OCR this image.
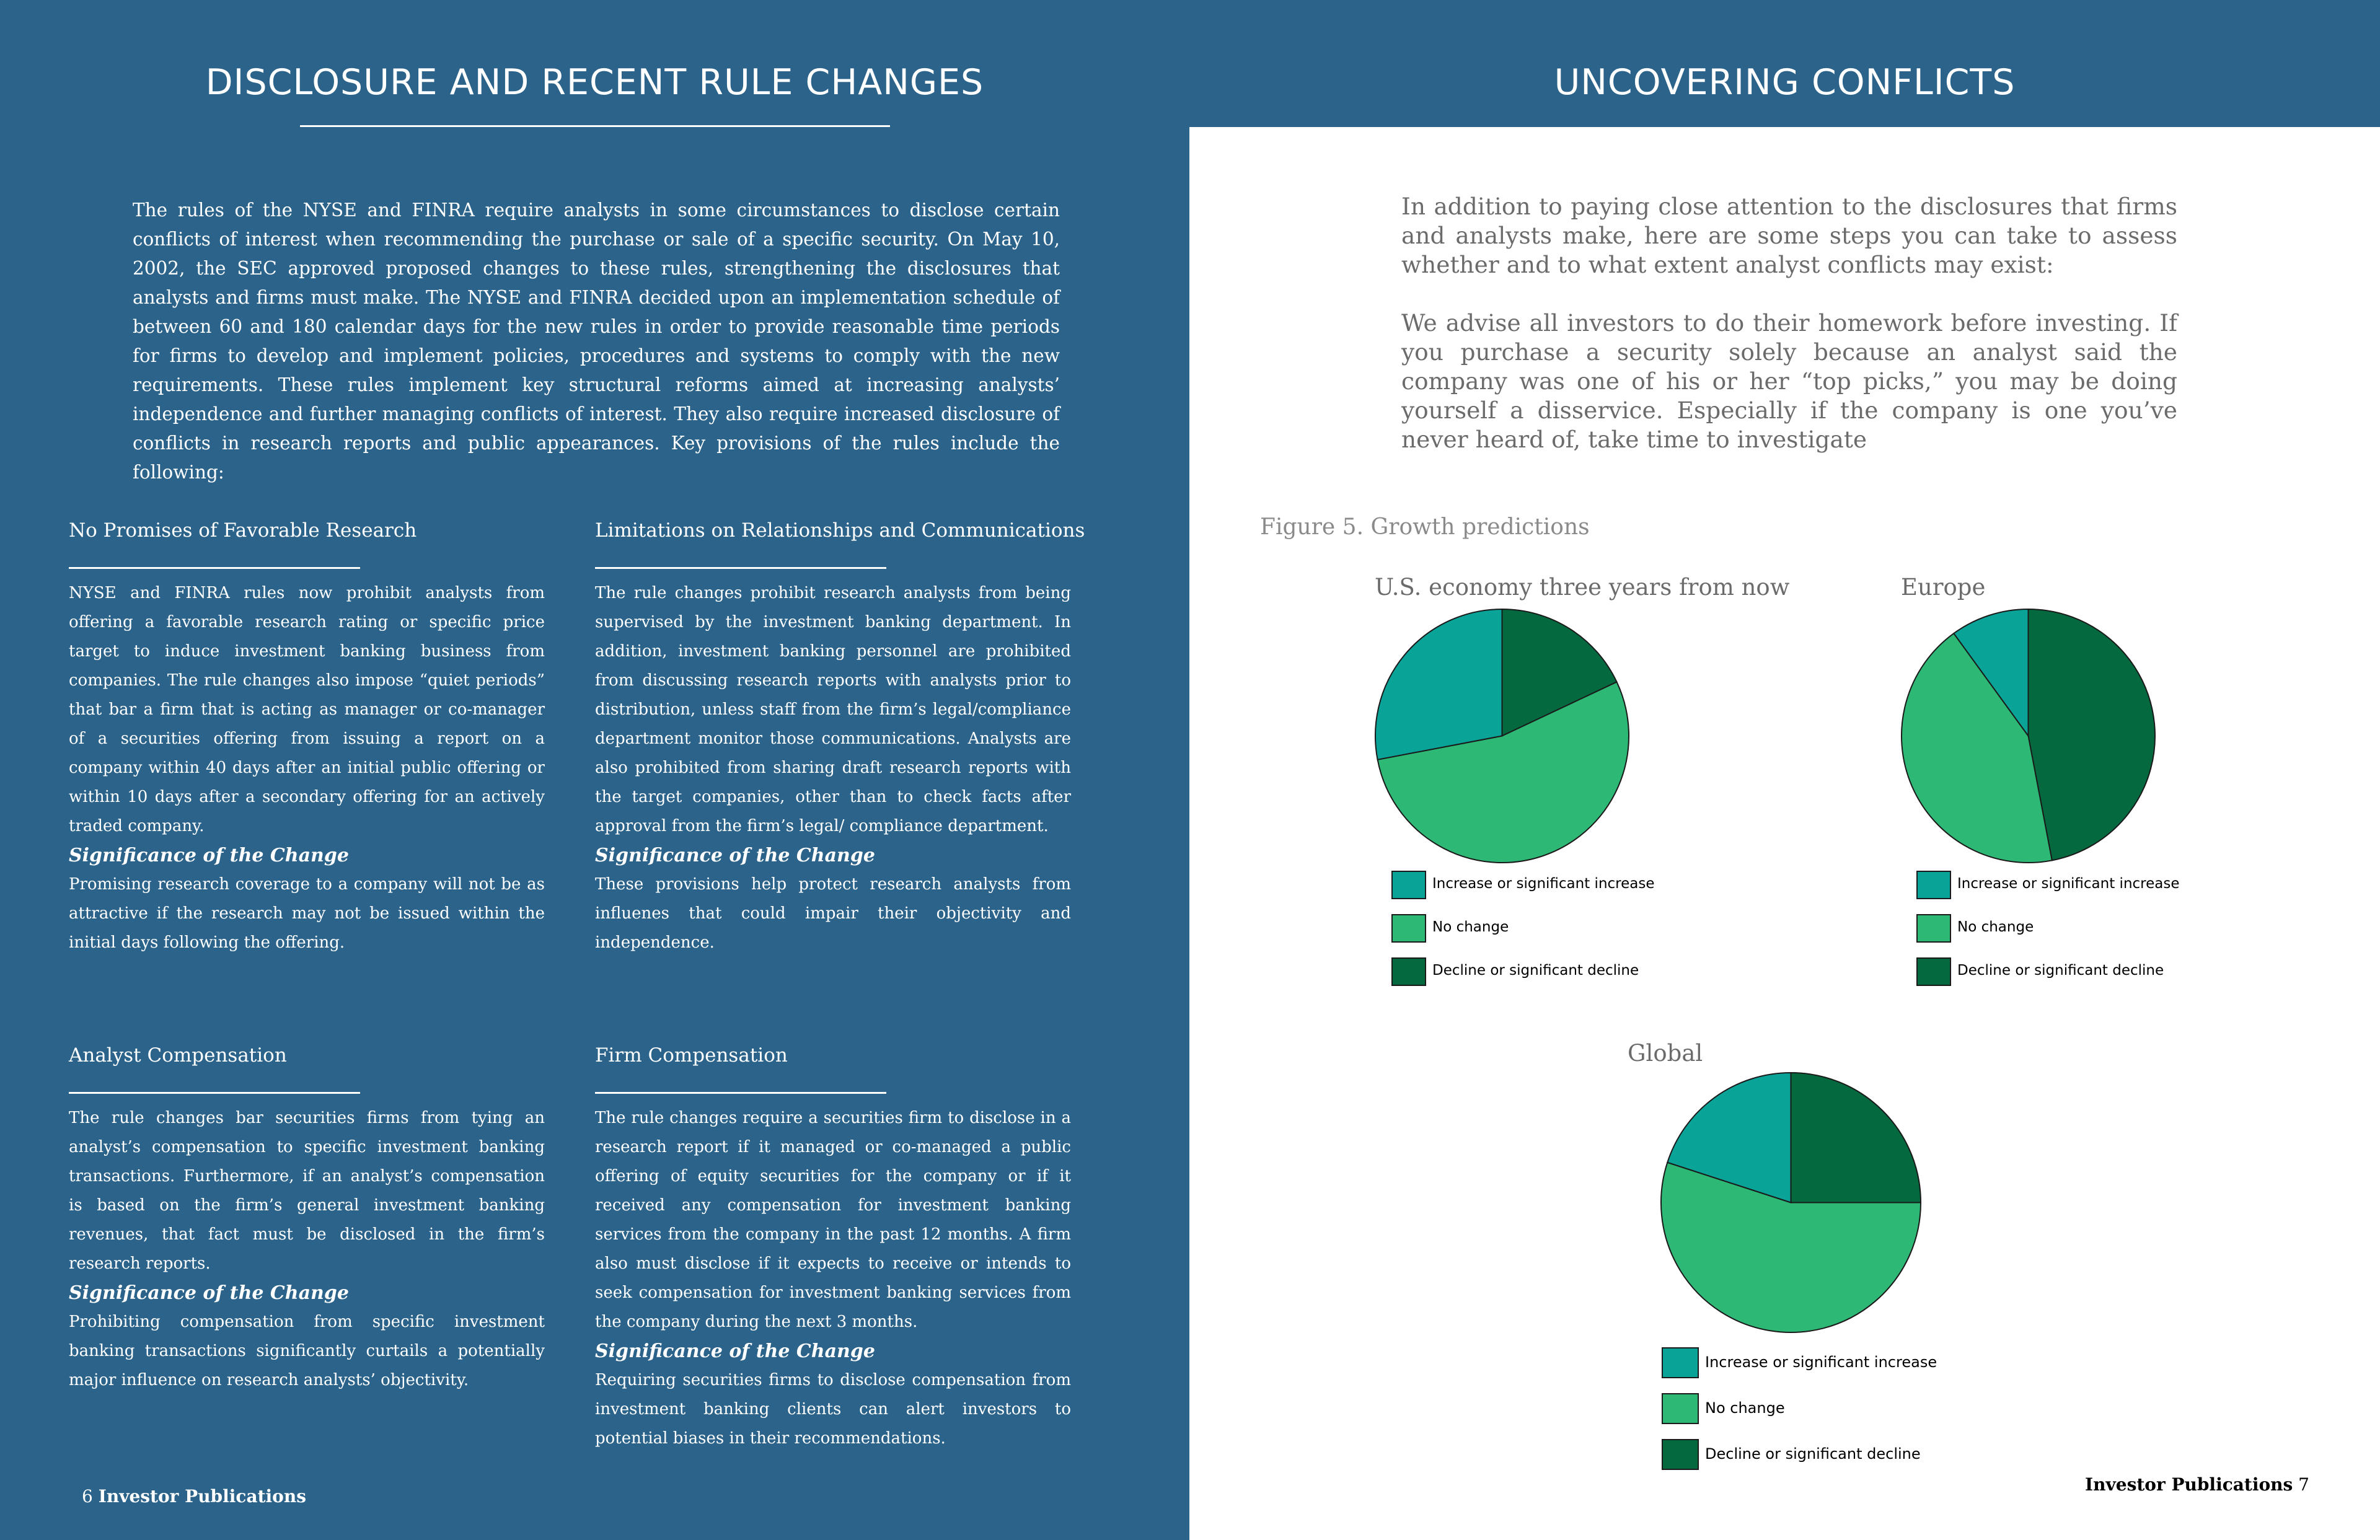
DISCLOSURE AND RECENT RULE CHANGES

The rules of the NYSE and FINRA require analysts in some circumstances to disclose certain conflicts of interest when recommending the purchase or sale of a specific security. On May 10, 2002, the SEC approved proposed changes to these rules, strengthening the disclosures that analysts and firms must make. The NYSE and FINRA decided upon an implementation schedule of between 60 and 180 calendar days for the new rules in order to provide reasonable time periods for firms to develop and implement policies, procedures and systems to comply with the new requirements. These rules implement key structural reforms aimed at increasing analysts’ independence and further managing conflicts of interest. They also require increased disclosure of conflicts in research reports and public appearances. Key provisions of the rules include the following:

No Promises of Favorable Research

NYSE and FINRA rules now prohibit analysts from offering a favorable research rating or specific price target to induce investment banking business from companies. The rule changes also impose “quiet periods” that bar a firm that is acting as manager or co-manager of a securities offering from issuing a report on a company within 40 days after an initial public offering or within 10 days after a secondary offering for an actively traded company.

Significance of the Change

Promising research coverage to a company will not be as attractive if the research may not be issued within the initial days following the offering.

Limitations on Relationships and Communications

The rule changes prohibit research analysts from being supervised by the investment banking department. In addition, investment banking personnel are prohibited from discussing research reports with analysts prior to distribution, unless staff from the firm’s legal/compliance department monitor those communications. Analysts are also prohibited from sharing draft research reports with the target companies, other than to check facts after approval from the firm’s legal/ compliance department.

Significance of the Change

These provisions help protect research analysts from influenes that could impair their objectivity and independence.

Analyst Compensation

The rule changes bar securities firms from tying an analyst’s compensation to specific investment banking transactions. Furthermore, if an analyst’s compensation is based on the firm’s general investment banking revenues, that fact must be disclosed in the firm’s research reports.

Significance of the Change

Prohibiting compensation from specific investment banking transactions significantly curtails a potentially major influence on research analysts’ objectivity.

Firm Compensation

The rule changes require a securities firm to disclose in a research report if it managed or co-managed a public offering of equity securities for the company or if it received any compensation for investment banking services from the company in the past 12 months. A firm also must disclose if it expects to receive or intends to seek compensation for investment banking services from the company during the next 3 months.

Significance of the Change

Requiring securities firms to disclose compensation from investment banking clients can alert investors to potential biases in their recommendations.

6 Investor Publications
UNCOVERING CONFLICTS

In addition to paying close attention to the disclosures that firms and analysts make, here are some steps you can take to assess whether and to what extent analyst conflicts may exist:

We advise all investors to do their homework before investing. If you purchase a security solely because an analyst said the company was one of his or her “top picks,” you may be doing yourself a disservice. Especially if the company is one you’ve never heard of, take time to investigate

Figure 5. Growth predictions
U.S. economy three years from now
Increase or significant increase
No change
Decline or significant decline
Europe
Increase or significant increase
No change
Decline or significant decline
Global
Increase or significant increase
No change
Decline or significant decline
Investor Publications 7
